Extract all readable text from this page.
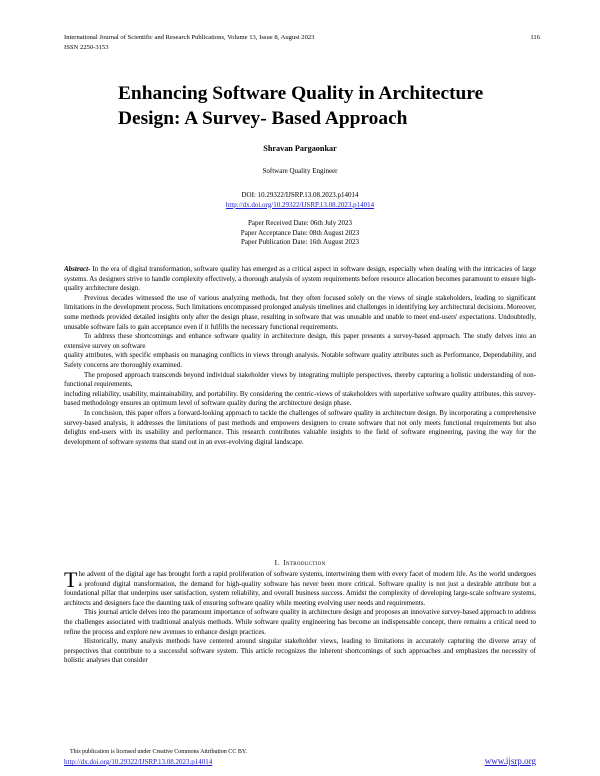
International Journal of Scientific and Research Publications, Volume 13, Issue 8, August 2023
ISSN 2250-3153
116
Enhancing Software Quality in Architecture
Design: A Survey- Based Approach
Shravan Pargaonkar
Software Quality Engineer
DOI: 10.29322/IJSRP.13.08.2023.p14014
http://dx.doi.org/10.29322/IJSRP.13.08.2023.p14014
Paper Received Date: 06th July 2023
Paper Acceptance Date: 08th August 2023
Paper Publication Date: 16th August 2023

Abstract- In the era of digital transformation, software quality has emerged as a critical aspect in software design, especially when dealing with the intricacies of large systems. As designers strive to handle complexity effectively, a thorough analysis of system requirements before resource allocation becomes paramount to ensure high-quality architecture design.

Previous decades witnessed the use of various analyzing methods, but they often focused solely on the views of single stakeholders, leading to significant limitations in the development process. Such limitations encompassed prolonged analysis timelines and challenges in identifying key architectural decisions. Moreover, some methods provided detailed insights only after the design phase, resulting in software that was unusable and unable to meet end-users' expectations. Undoubtedly, unusable software fails to gain acceptance even if it fulfills the necessary functional requirements.

To address these shortcomings and enhance software quality in architecture design, this paper presents a survey-based approach. The study delves into an extensive survey on software

quality attributes, with specific emphasis on managing conflicts in views through analysis. Notable software quality attributes such as Performance, Dependability, and Safety concerns are thoroughly examined.

The proposed approach transcends beyond individual stakeholder views by integrating multiple perspectives, thereby capturing a holistic understanding of non-functional requirements,

including reliability, usability, maintainability, and portability. By considering the centric-views of stakeholders with superlative software quality attributes, this survey-based methodology ensures an optimum level of software quality during the architecture design phase.

In conclusion, this paper offers a forward-looking approach to tackle the challenges of software quality in architecture design. By incorporating a comprehensive survey-based analysis, it addresses the limitations of past methods and empowers designers to create software that not only meets functional requirements but also delights end-users with its usability and performance. This research contributes valuable insights to the field of software engineering, paving the way for the development of software systems that stand out in an ever-evolving digital landscape.

I. Introduction

The advent of the digital age has brought forth a rapid proliferation of software systems, intertwining them with every facet of modern life. As the world undergoes a profound digital transformation, the demand for high-quality software has never been more critical. Software quality is not just a desirable attribute but a foundational pillar that underpins user satisfaction, system reliability, and overall business success. Amidst the complexity of developing large-scale software systems, architects and designers face the daunting task of ensuring software quality while meeting evolving user needs and requirements.

This journal article delves into the paramount importance of software quality in architecture design and proposes an innovative survey-based approach to address the challenges associated with traditional analysis methods. While software quality engineering has become an indispensable concept, there remains a critical need to refine the process and explore new avenues to enhance design practices.

Historically, many analysis methods have centered around singular stakeholder views, leading to limitations in accurately capturing the diverse array of perspectives that contribute to a successful software system. This article recognizes the inherent shortcomings of such approaches and emphasizes the necessity of holistic analyses that consider

This publication is licensed under Creative Commons Attribution CC BY.
http://dx.doi.org/10.29322/IJSRP.13.08.2023.p14014	www.ijsrp.org
